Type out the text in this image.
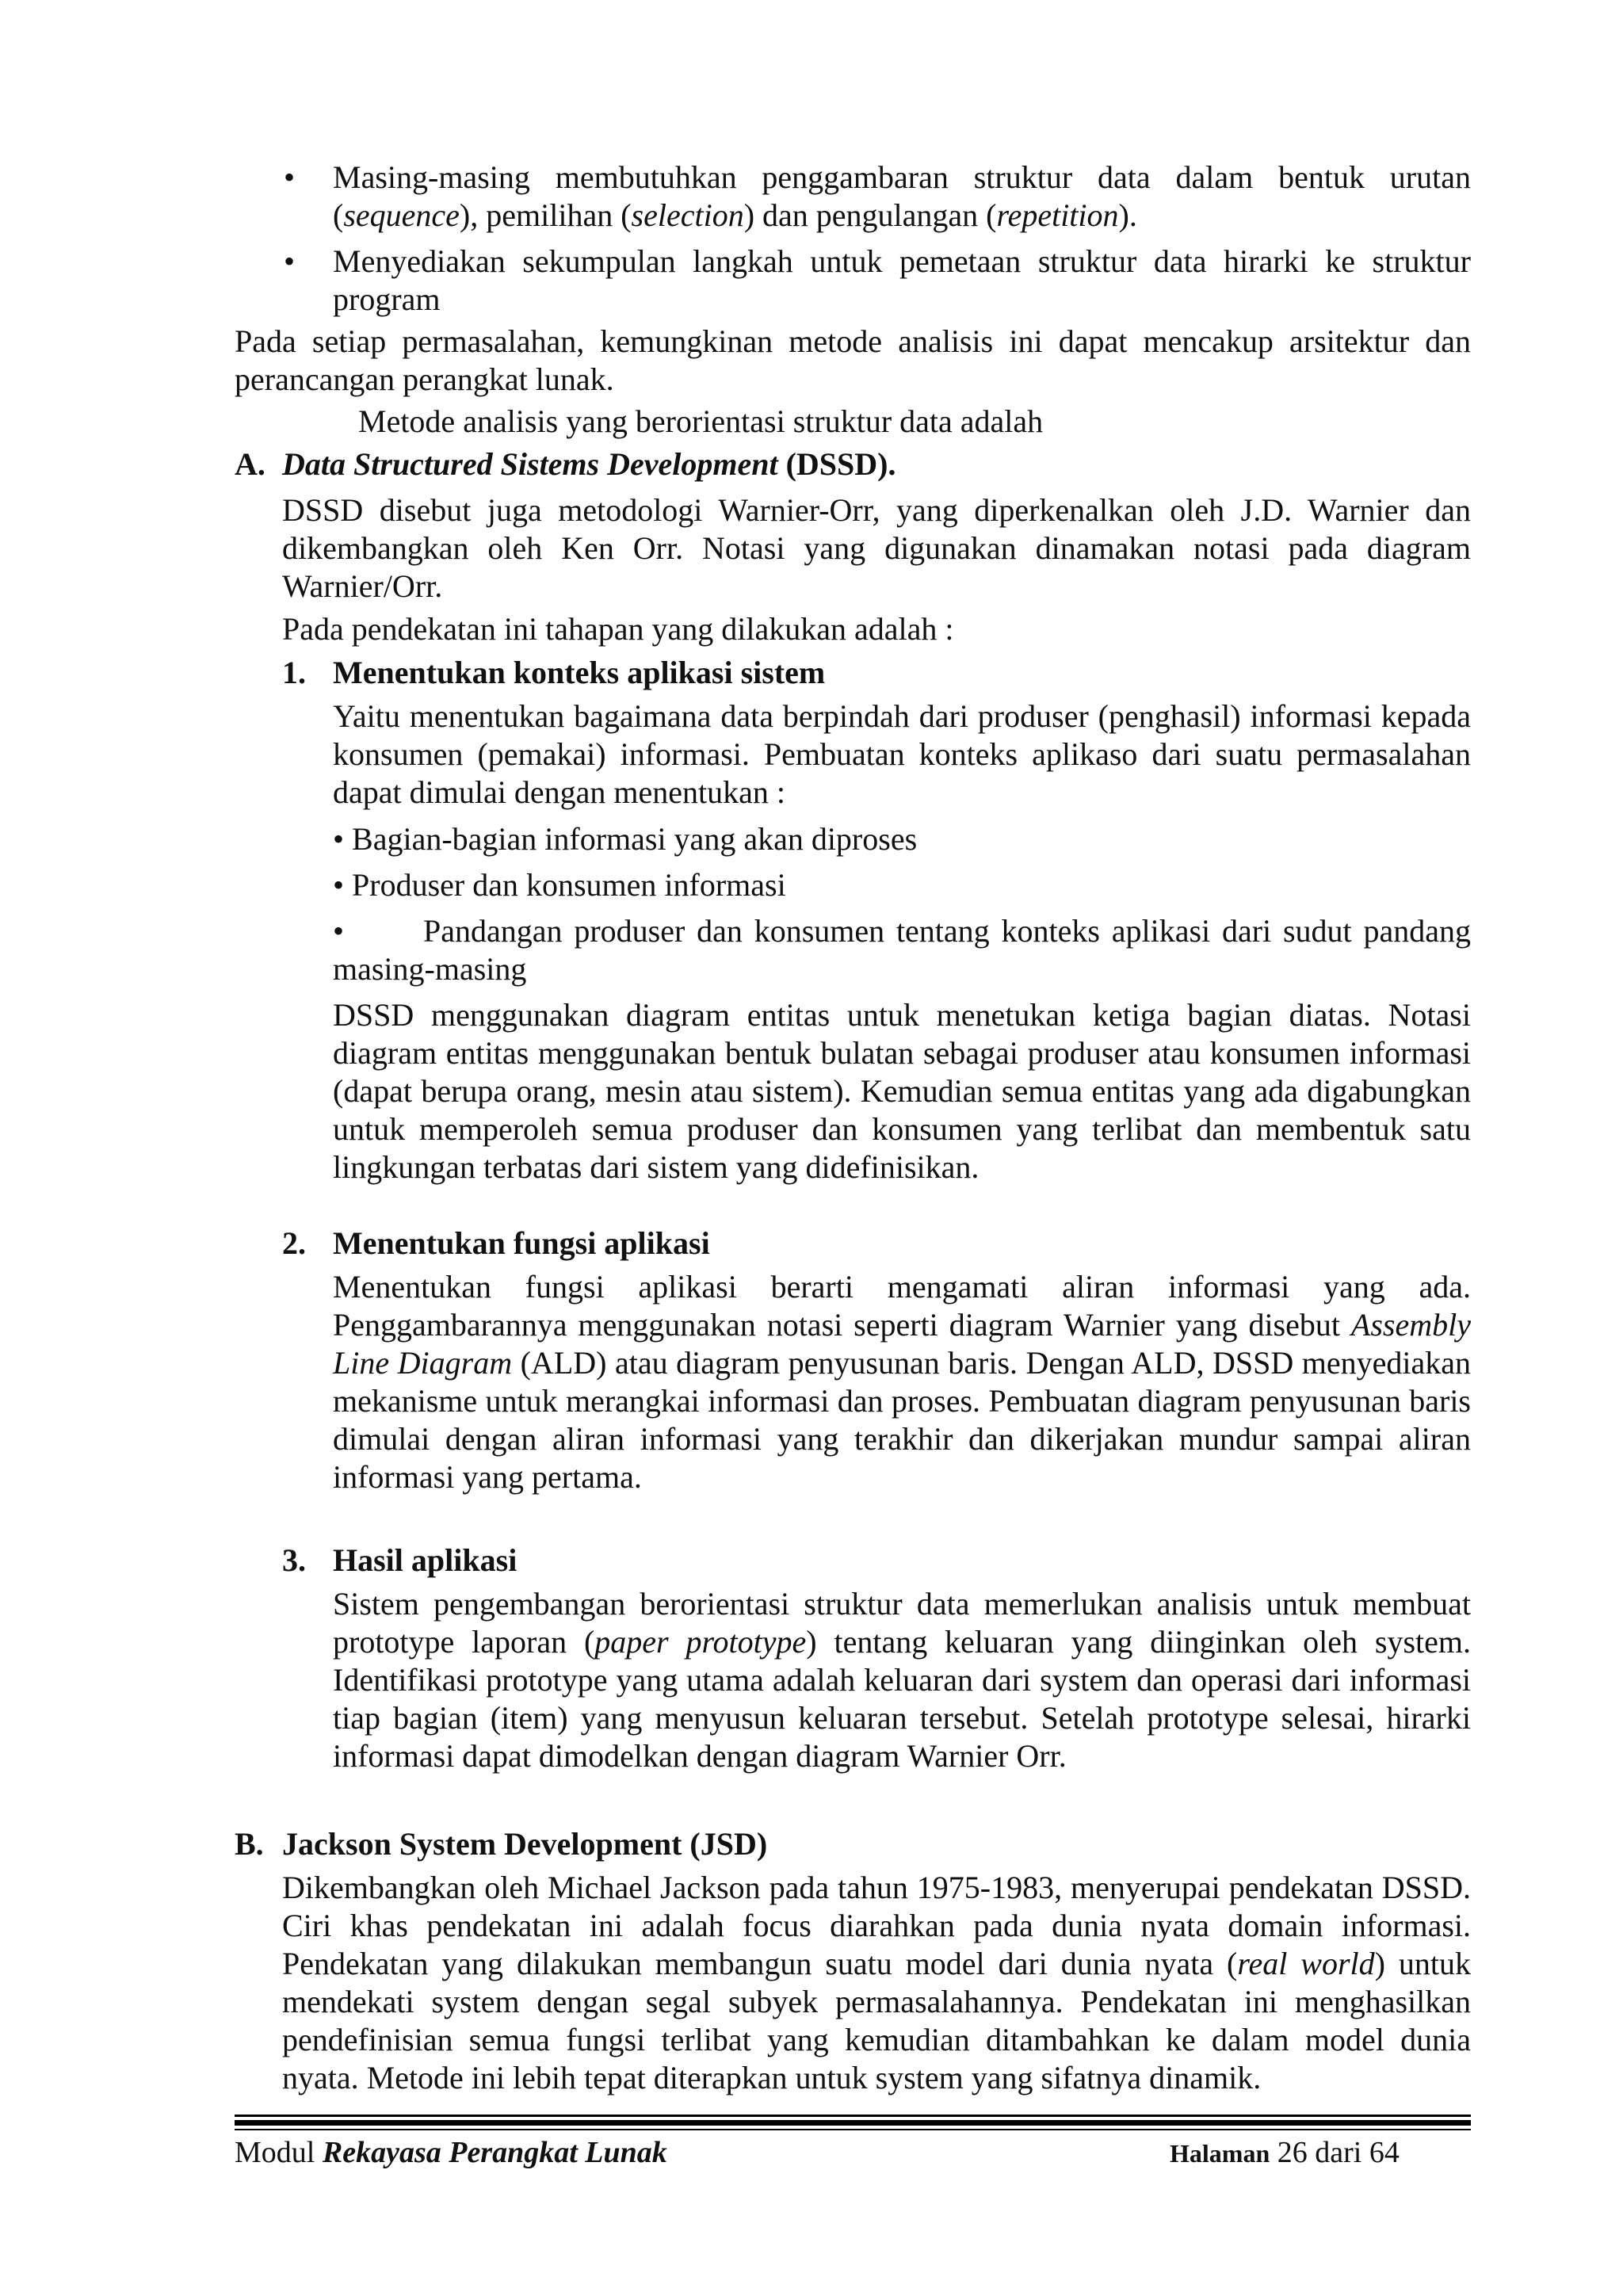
• Masing-masing membutuhkan penggambaran struktur data dalam bentuk urutan (sequence), pemilihan (selection) dan pengulangan (repetition).

• Menyediakan sekumpulan langkah untuk pemetaan struktur data hirarki ke struktur program

Pada setiap permasalahan, kemungkinan metode analisis ini dapat mencakup arsitektur dan perancangan perangkat lunak.

Metode analisis yang berorientasi struktur data adalah

A. Data Structured Sistems Development (DSSD).

DSSD disebut juga metodologi Warnier-Orr, yang diperkenalkan oleh J.D. Warnier dan dikembangkan oleh Ken Orr. Notasi yang digunakan dinamakan notasi pada diagram Warnier/Orr.

Pada pendekatan ini tahapan yang dilakukan adalah :

1. Menentukan konteks aplikasi sistem

Yaitu menentukan bagaimana data berpindah dari produser (penghasil) informasi kepada konsumen (pemakai) informasi. Pembuatan konteks aplikaso dari suatu permasalahan dapat dimulai dengan menentukan :

• Bagian-bagian informasi yang akan diproses

• Produser dan konsumen informasi

•	Pandangan produser dan konsumen tentang konteks aplikasi dari sudut pandang masing-masing

DSSD menggunakan diagram entitas untuk menetukan ketiga bagian diatas. Notasi diagram entitas menggunakan bentuk bulatan sebagai produser atau konsumen informasi (dapat berupa orang, mesin atau sistem). Kemudian semua entitas yang ada digabungkan untuk memperoleh semua produser dan konsumen yang terlibat dan membentuk satu lingkungan terbatas dari sistem yang didefinisikan.

2. Menentukan fungsi aplikasi

Menentukan fungsi aplikasi berarti mengamati aliran informasi yang ada. Penggambarannya menggunakan notasi seperti diagram Warnier yang disebut Assembly Line Diagram (ALD) atau diagram penyusunan baris. Dengan ALD, DSSD menyediakan mekanisme untuk merangkai informasi dan proses. Pembuatan diagram penyusunan baris dimulai dengan aliran informasi yang terakhir dan dikerjakan mundur sampai aliran informasi yang pertama.

3. Hasil aplikasi

Sistem pengembangan berorientasi struktur data memerlukan analisis untuk membuat prototype laporan (paper prototype) tentang keluaran yang diinginkan oleh system. Identifikasi prototype yang utama adalah keluaran dari system dan operasi dari informasi tiap bagian (item) yang menyusun keluaran tersebut. Setelah prototype selesai, hirarki informasi dapat dimodelkan dengan diagram Warnier Orr.

B. Jackson System Development (JSD)

Dikembangkan oleh Michael Jackson pada tahun 1975-1983, menyerupai pendekatan DSSD. Ciri khas pendekatan ini adalah focus diarahkan pada dunia nyata domain informasi. Pendekatan yang dilakukan membangun suatu model dari dunia nyata (real world) untuk mendekati system dengan segal subyek permasalahannya. Pendekatan ini menghasilkan pendefinisian semua fungsi terlibat yang kemudian ditambahkan ke dalam model dunia nyata. Metode ini lebih tepat diterapkan untuk system yang sifatnya dinamik.

Modul Rekayasa Perangkat Lunak	Halaman 26 dari 64
